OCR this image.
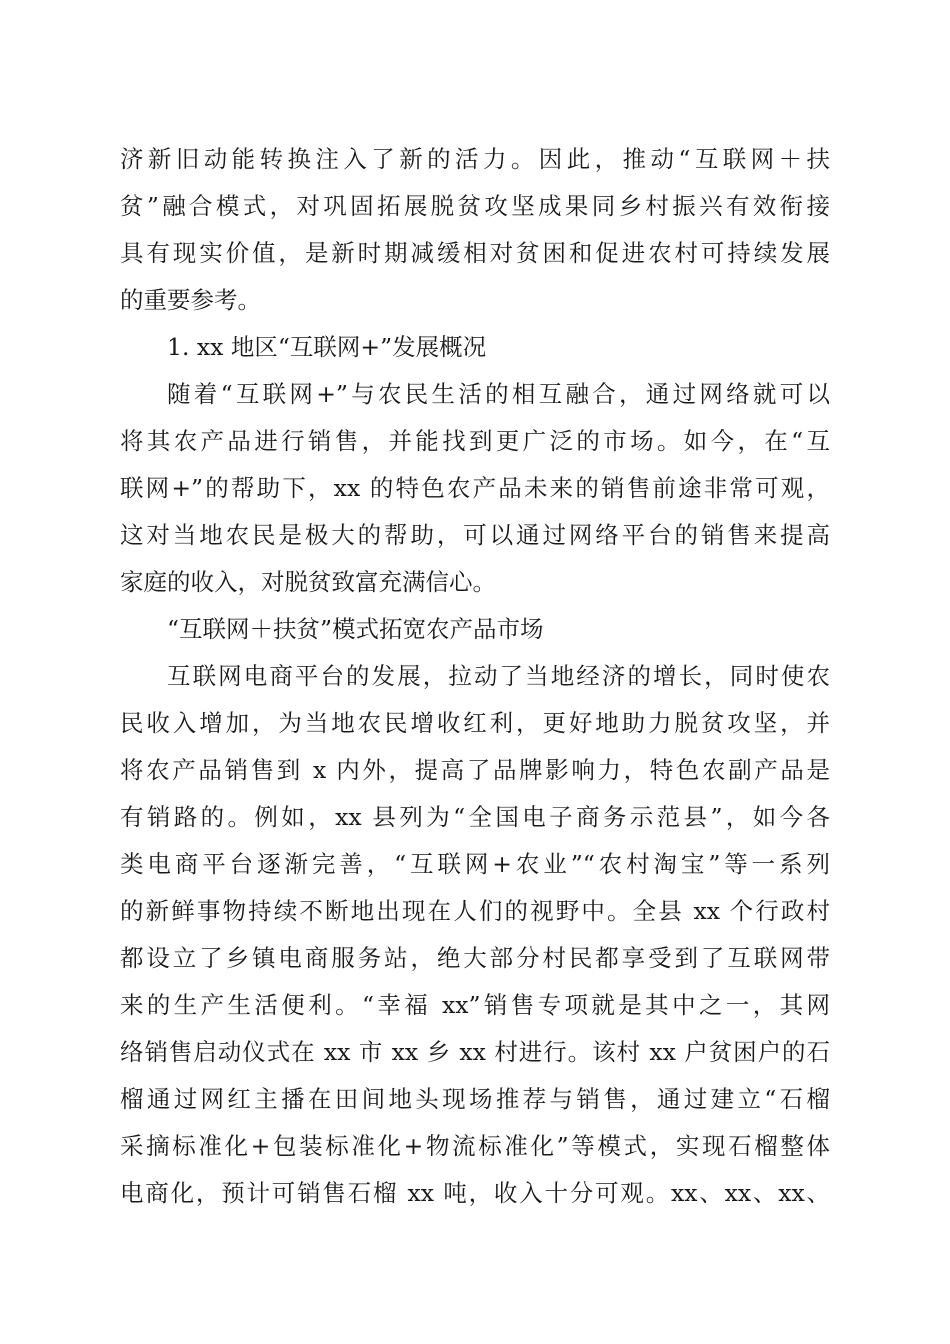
济新旧动能转换注入了新的活力。因此，推动“互联网＋扶
贫”融合模式，对巩固拓展脱贫攻坚成果同乡村振兴有效衔接
具有现实价值，是新时期减缓相对贫困和促进农村可持续发展
的重要参考。
1. xx 地区“互联网+”发展概况
随着“互联网+”与农民生活的相互融合，通过网络就可以
将其农产品进行销售，并能找到更广泛的市场。如今，在“互
联网+”的帮助下，xx 的特色农产品未来的销售前途非常可观，
这对当地农民是极大的帮助，可以通过网络平台的销售来提高
家庭的收入，对脱贫致富充满信心。
“互联网＋扶贫”模式拓宽农产品市场
互联网电商平台的发展，拉动了当地经济的增长，同时使农
民收入增加，为当地农民增收红利，更好地助力脱贫攻坚，并
将农产品销售到 x 内外，提高了品牌影响力，特色农副产品是
有销路的。例如，xx 县列为“全国电子商务示范县”，如今各
类电商平台逐渐完善，“互联网+农业”“农村淘宝”等一系列
的新鲜事物持续不断地出现在人们的视野中。全县 xx 个行政村
都设立了乡镇电商服务站，绝大部分村民都享受到了互联网带
来的生产生活便利。“幸福 xx”销售专项就是其中之一，其网
络销售启动仪式在 xx 市 xx 乡 xx 村进行。该村 xx 户贫困户的石
榴通过网红主播在田间地头现场推荐与销售，通过建立“石榴
采摘标准化+包装标准化+物流标准化”等模式，实现石榴整体
电商化，预计可销售石榴 xx 吨，收入十分可观。xx、xx、xx、
